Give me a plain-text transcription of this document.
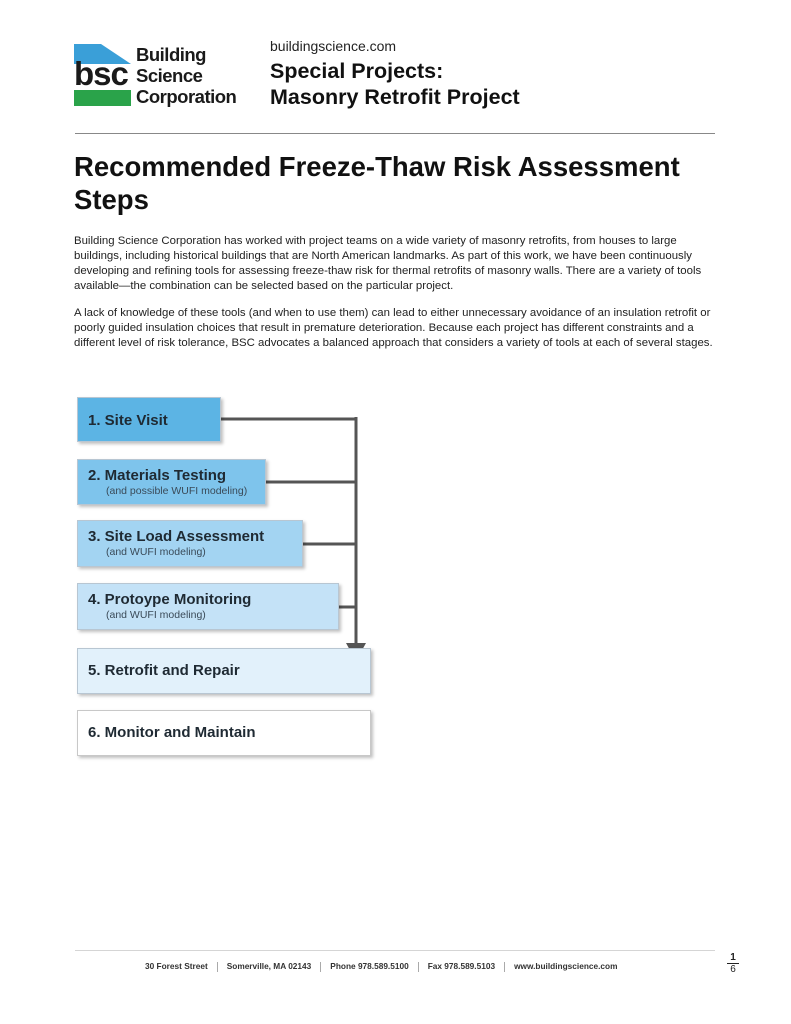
bsc
Building
Science
Corporation
buildingscience.com
Special Projects:
Masonry Retrofit Project
Recommended Freeze-Thaw Risk Assessment Steps

Building Science Corporation has worked with project teams on a wide variety of masonry retrofits, from houses to large buildings, including historical buildings that are North American landmarks. As part of this work, we have been continuously developing and refining tools for assessing freeze-thaw risk for thermal retrofits of masonry walls. There are a variety of tools available—the combination can be selected based on the particular project.

A lack of knowledge of these tools (and when to use them) can lead to either unnecessary avoidance of an insulation retrofit or poorly guided insulation choices that result in premature deterioration. Because each project has different constraints and a different level of risk tolerance, BSC advocates a balanced approach that considers a variety of tools at each of several stages.

1. Site Visit
2. Materials Testing
(and possible WUFI modeling)
3. Site Load Assessment
(and WUFI modeling)
4. Protoype Monitoring
(and WUFI modeling)
5. Retrofit and Repair
6. Monitor and Maintain
30 Forest Street Somerville, MA 02143 Phone 978.589.5100 Fax 978.589.5103 www.buildingscience.com	$\frac{1}{6}$
